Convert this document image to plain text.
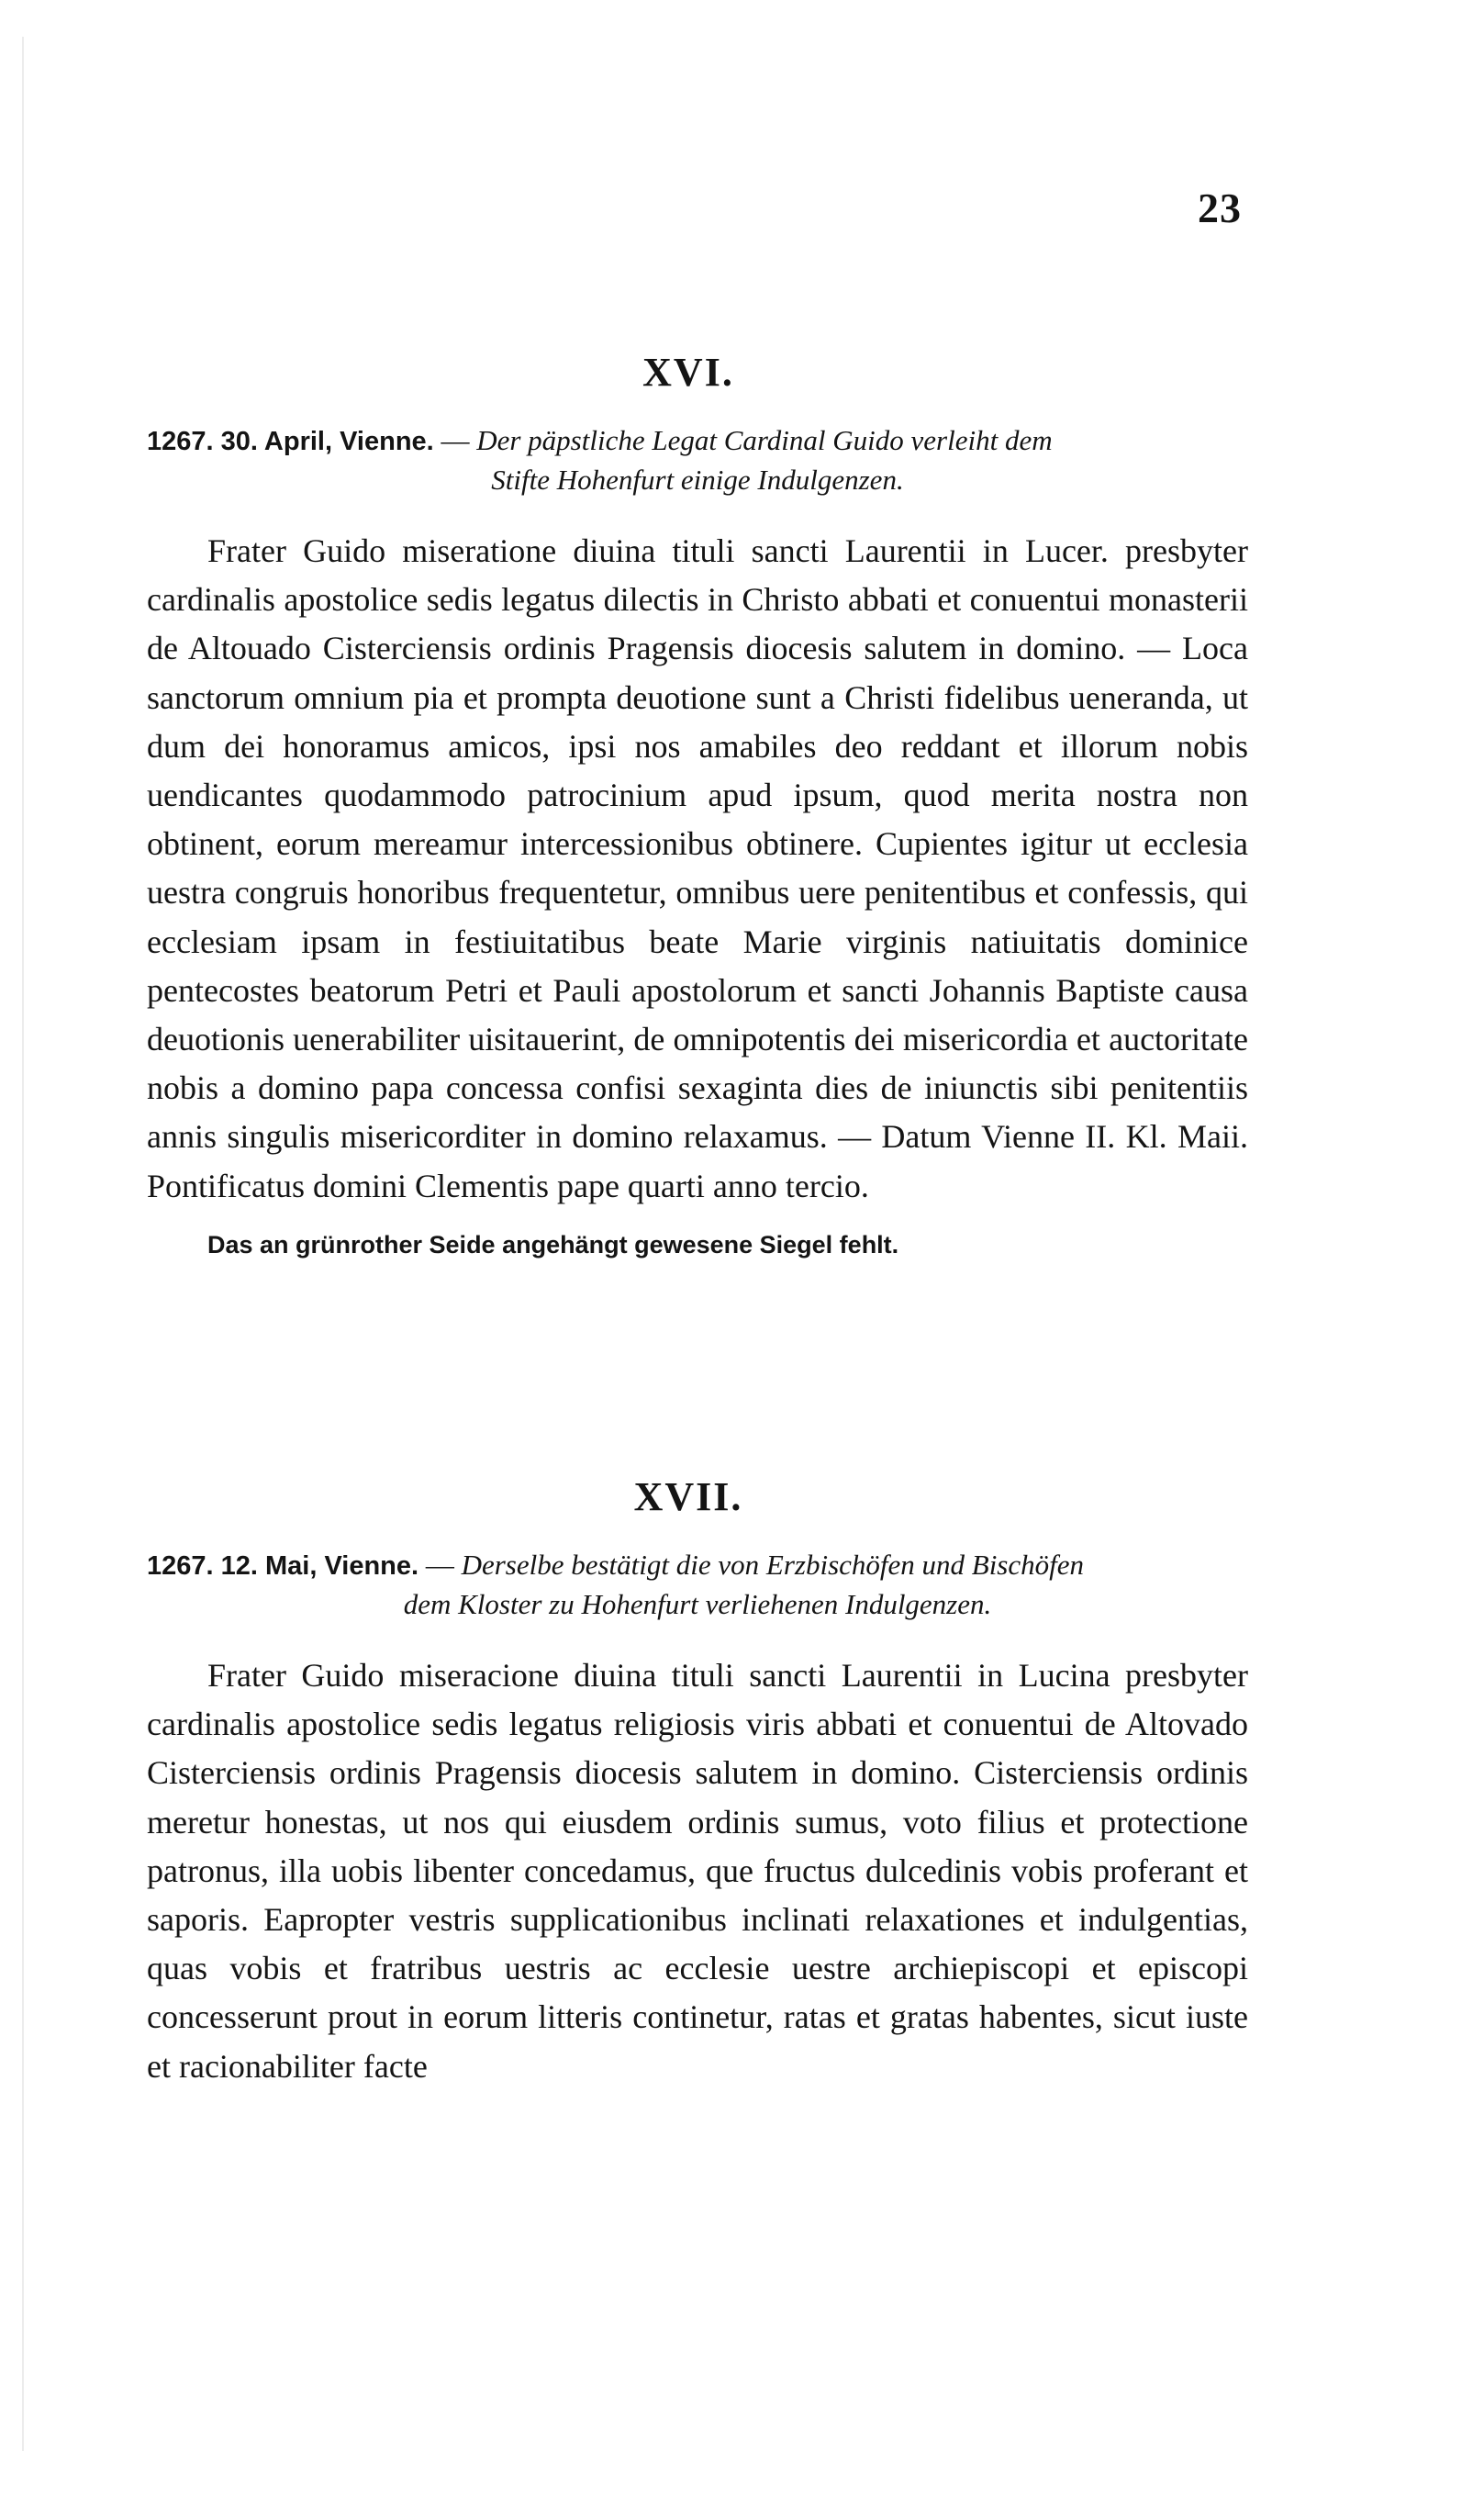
23
XVI.
1267. 30. April, Vienne. — Der päpstliche Legat Cardinal Guido verleiht dem
Stifte Hohenfurt einige Indulgenzen.

Frater Guido miseratione diuina tituli sancti Laurentii in Lucer. presbyter cardinalis apostolice sedis legatus dilectis in Christo abbati et conuentui monasterii de Altouado Cisterciensis ordinis Pragensis diocesis salutem in domino. — Loca sanctorum omnium pia et prompta deuotione sunt a Christi fidelibus ueneranda, ut dum dei honoramus amicos, ipsi nos amabiles deo reddant et illorum nobis uendicantes quodammodo patrocinium apud ipsum, quod merita nostra non obtinent, eorum mereamur intercessionibus obtinere. Cupientes igitur ut ecclesia uestra congruis honoribus frequentetur, omnibus uere penitentibus et confessis, qui ecclesiam ipsam in festiuitatibus beate Marie virginis natiuitatis dominice pentecostes beatorum Petri et Pauli apostolorum et sancti Johannis Baptiste causa deuotionis uenerabiliter uisitauerint, de omnipotentis dei misericordia et auctoritate nobis a domino papa concessa confisi sexaginta dies de iniunctis sibi penitentiis annis singulis misericorditer in domino relaxamus. — Datum Vienne II. Kl. Maii. Pontificatus domini Clementis pape quarti anno tercio.

Das an grünrother Seide angehängt gewesene Siegel fehlt.
XVII.
1267. 12. Mai, Vienne. — Derselbe bestätigt die von Erzbischöfen und Bischöfen
dem Kloster zu Hohenfurt verliehenen Indulgenzen.

Frater Guido miseracione diuina tituli sancti Laurentii in Lucina presbyter cardinalis apostolice sedis legatus religiosis viris abbati et conuentui de Altovado Cisterciensis ordinis Pragensis diocesis salutem in domino. Cisterciensis ordinis meretur honestas, ut nos qui eiusdem ordinis sumus, voto filius et protectione patronus, illa uobis libenter concedamus, que fructus dulcedinis vobis proferant et saporis. Eapropter vestris supplicationibus inclinati relaxationes et indulgentias, quas vobis et fratribus uestris ac ecclesie uestre archiepiscopi et episcopi concesserunt prout in eorum litteris continetur, ratas et gratas habentes, sicut iuste et racionabiliter facte
